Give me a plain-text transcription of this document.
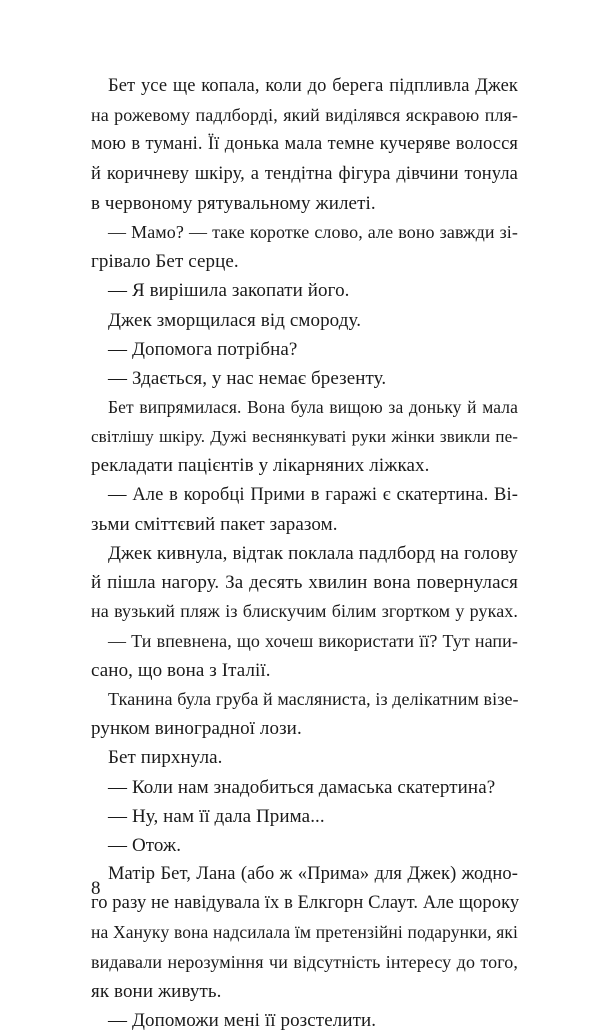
Бет усе ще копала, коли до берега підпливла Джек
на рожевому падлборді, який виділявся яскравою пля-
мою в тумані. Її донька мала темне кучеряве волосся
й коричневу шкіру, а тендітна фігура дівчини тонула
в червоному рятувальному жилеті.
— Мамо? — таке коротке слово, але воно завжди зі-
грівало Бет серце.
— Я вирішила закопати його.
Джек зморщилася від смороду.
— Допомога потрібна?
— Здається, у нас немає брезенту.
Бет випрямилася. Вона була вищою за доньку й мала
світлішу шкіру. Дужі веснянкуваті руки жінки звикли пе-
рекладати пацієнтів у лікарняних ліжках.
— Але в коробці Прими в гаражі є скатертина. Ві-
зьми сміттєвий пакет заразом.
Джек кивнула, відтак поклала падлборд на голову
й пішла нагору. За десять хвилин вона повернулася
на вузький пляж із блискучим білим згортком у руках.
— Ти впевнена, що хочеш використати її? Тут напи-
сано, що вона з Італії.
Тканина була груба й масляниста, із делікатним візе-
рунком виноградної лози.
Бет пирхнула.
— Коли нам знадобиться дамаська скатертина?
— Ну, нам її дала Прима...
— Отож.
Матір Бет, Лана (або ж «Прима» для Джек) жодно-
го разу не навідувала їх в Елкгорн Слаут. Але щороку
на Ханукy вона надсилала їм претензійні подарунки, які
видавали нерозуміння чи відсутність інтересу до того,
як вони живуть.
— Допоможи мені її розстелити.
8
